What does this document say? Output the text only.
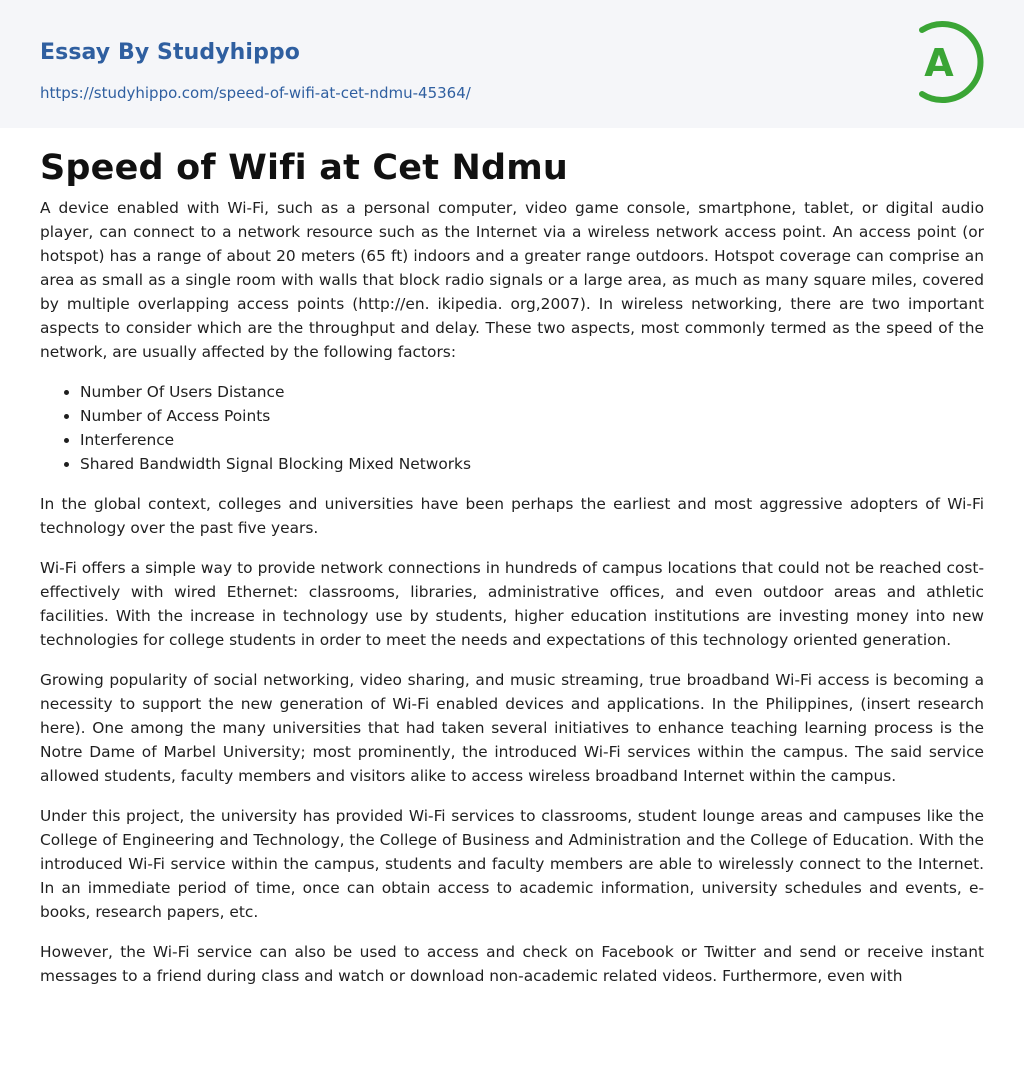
Essay By Studyhippo
https://studyhippo.com/speed-of-wifi-at-cet-ndmu-45364/
A
Speed of Wifi at Cet Ndmu

A device enabled with Wi-Fi, such as a personal computer, video game console, smartphone, tablet, or digital audio player, can connect to a network resource such as the Internet via a wireless network access point. An access point (or hotspot) has a range of about 20 meters (65 ft) indoors and a greater range outdoors. Hotspot coverage can comprise an area as small as a single room with walls that block radio signals or a large area, as much as many square miles, covered by multiple overlapping access points (http://en. ikipedia. org,2007). In wireless networking, there are two important aspects to consider which are the throughput and delay. These two aspects, most commonly termed as the speed of the network, are usually affected by the following factors:

• Number Of Users Distance
• Number of Access Points
• Interference
• Shared Bandwidth Signal Blocking Mixed Networks

In the global context, colleges and universities have been perhaps the earliest and most aggressive adopters of Wi-Fi technology over the past five years.

Wi-Fi offers a simple way to provide network connections in hundreds of campus locations that could not be reached cost-effectively with wired Ethernet: classrooms, libraries, administrative offices, and even outdoor areas and athletic facilities. With the increase in technology use by students, higher education institutions are investing money into new technologies for college students in order to meet the needs and expectations of this technology oriented generation.

Growing popularity of social networking, video sharing, and music streaming, true broadband Wi-Fi access is becoming a necessity to support the new generation of Wi-Fi enabled devices and applications. In the Philippines, (insert research here). One among the many universities that had taken several initiatives to enhance teaching learning process is the Notre Dame of Marbel University; most prominently, the introduced Wi-Fi services within the campus. The said service allowed students, faculty members and visitors alike to access wireless broadband Internet within the campus.

Under this project, the university has provided Wi-Fi services to classrooms, student lounge areas and campuses like the College of Engineering and Technology, the College of Business and Administration and the College of Education. With the introduced Wi-Fi service within the campus, students and faculty members are able to wirelessly connect to the Internet. In an immediate period of time, once can obtain access to academic information, university schedules and events, e-books, research papers, etc.

However, the Wi-Fi service can also be used to access and check on Facebook or Twitter and send or receive instant messages to a friend during class and watch or download non-academic related videos. Furthermore, even with
